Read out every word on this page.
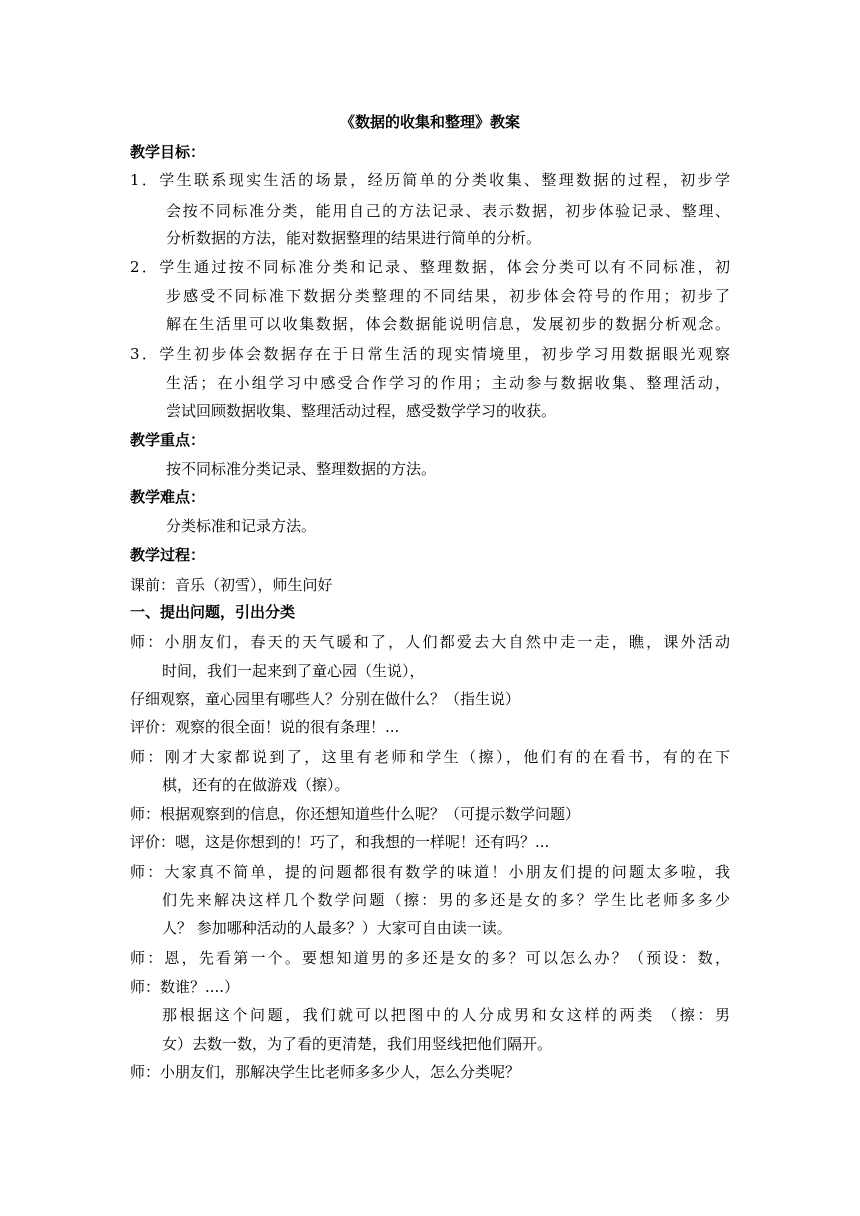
《数据的收集和整理》教案
教学目标：
1．学生联系现实生活的场景，经历简单的分类收集、整理数据的过程，初步学
会按不同标准分类，能用自己的方法记录、表示数据，初步体验记录、整理、
分析数据的方法，能对数据整理的结果进行简单的分析。
2．学生通过按不同标准分类和记录、整理数据，体会分类可以有不同标准，初
步感受不同标准下数据分类整理的不同结果，初步体会符号的作用；初步了
解在生活里可以收集数据，体会数据能说明信息，发展初步的数据分析观念。
3．学生初步体会数据存在于日常生活的现实情境里，初步学习用数据眼光观察
生活；在小组学习中感受合作学习的作用；主动参与数据收集、整理活动，
尝试回顾数据收集、整理活动过程，感受数学学习的收获。
教学重点：
按不同标准分类记录、整理数据的方法。
教学难点：
分类标准和记录方法。
教学过程：
课前：音乐（初雪），师生问好
一、提出问题，引出分类
师：小朋友们，春天的天气暖和了，人们都爱去大自然中走一走，瞧，课外活动
时间，我们一起来到了童心园（生说），
仔细观察，童心园里有哪些人？分别在做什么？（指生说）
评价：观察的很全面！说的很有条理！...
师：刚才大家都说到了，这里有老师和学生（擦），他们有的在看书，有的在下
棋，还有的在做游戏（擦）。
师：根据观察到的信息，你还想知道些什么呢？（可提示数学问题）
评价：嗯，这是你想到的！巧了，和我想的一样呢！还有吗？...
师：大家真不简单，提的问题都很有数学的味道！小朋友们提的问题太多啦，我
们先来解决这样几个数学问题（擦：男的多还是女的多？学生比老师多多少
人？ 参加哪种活动的人最多？）大家可自由读一读。
师：恩，先看第一个。要想知道男的多还是女的多？可以怎么办？（预设：数，
师：数谁？....）
那根据这个问题，我们就可以把图中的人分成男和女这样的两类 （擦：男
女）去数一数，为了看的更清楚，我们用竖线把他们隔开。
师：小朋友们，那解决学生比老师多多少人，怎么分类呢？
